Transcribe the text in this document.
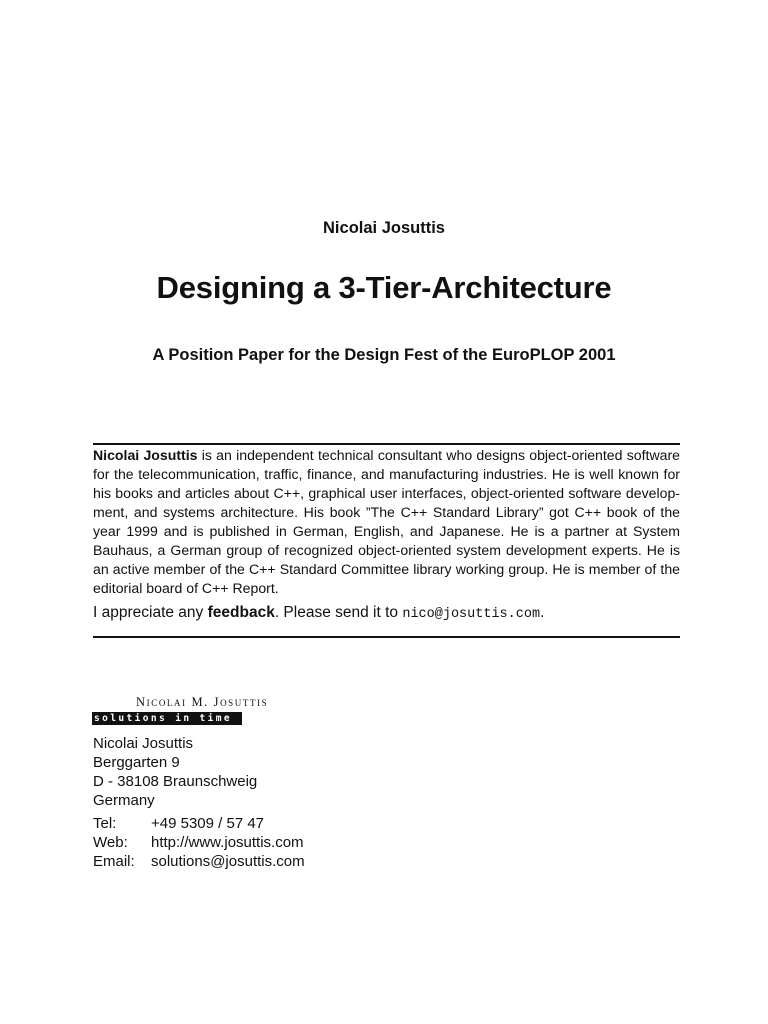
Nicolai Josuttis
Designing a 3-Tier-Architecture
A Position Paper for the Design Fest of the EuroPLOP 2001
Nicolai Josuttis is an independent technical consultant who designs object-oriented software for the telecommunication, traffic, finance, and manufacturing industries. He is well known for his books and articles about C++, graphical user interfaces, object-oriented software develop- ment, and systems architecture. His book ”The C++ Standard Library” got C++ book of the year 1999 and is published in German, English, and Japanese. He is a partner at System Bauhaus, a German group of recognized object-oriented system development experts. He is an active member of the C++ Standard Committee library working group. He is member of the editorial board of C++ Report.
I appreciate any feedback. Please send it to nico@josuttis.com.
Nicolai M. Josuttis
solutions in time
Nicolai Josuttis
Berggarten 9
D - 38108 Braunschweig
Germany
Tel:	+49 5309 / 57 47
Web:	http://www.josuttis.com
Email:	solutions@josuttis.com
